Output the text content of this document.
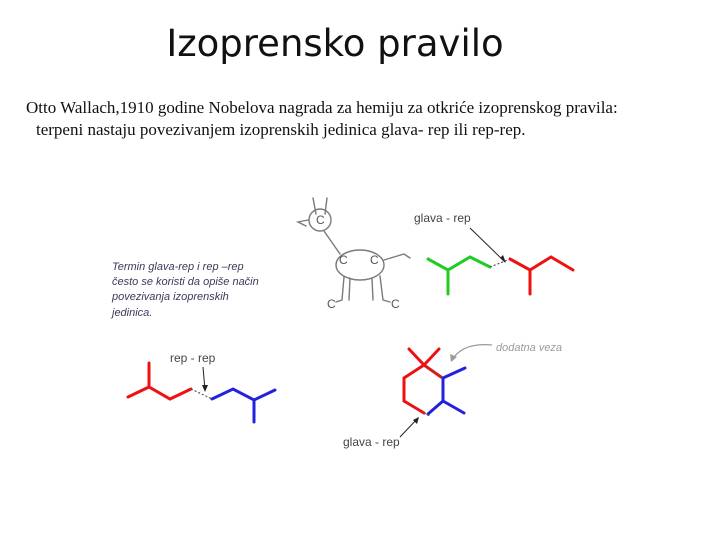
Izoprensko pravilo
Otto Wallach,1910 godine Nobelova nagrada za hemiju za otkriće izoprenskog pravila:
terpeni nastaju povezivanjem izoprenskih jedinica glava- rep ili rep-rep.
Termin glava-rep i rep –rep
često se koristi da opiše način
povezivanja izoprenskih
jedinica.
C
C C
C	C
glava - rep
rep - rep
dodatna veza
glava - rep
